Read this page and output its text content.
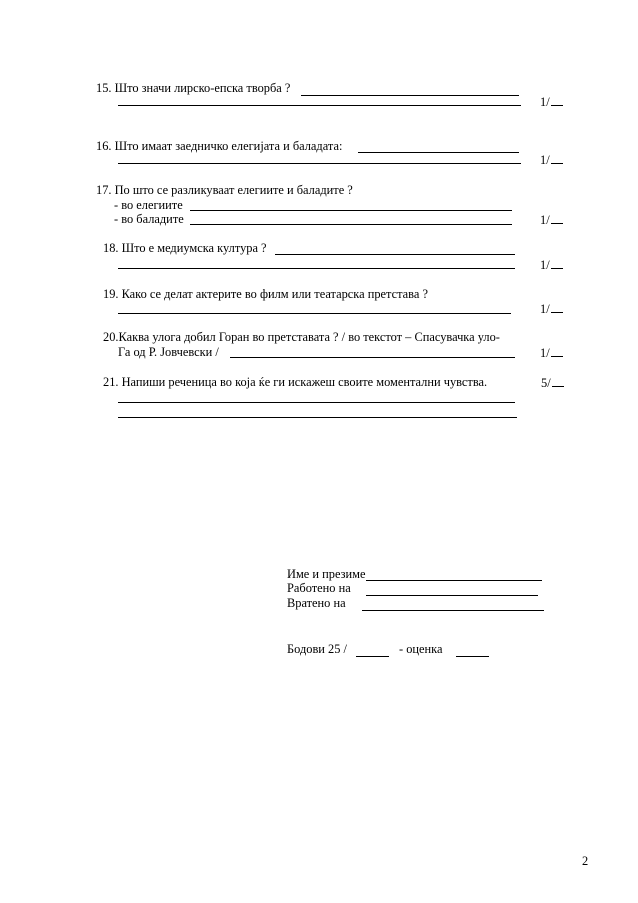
15. Што значи лирско-епска творба ?
1/
16. Што имаат заедничко елегијата и баладата:
1/
17. По што се разликуваат елегиите и баладите ?
- во елегиите
- во баладите	1/
18. Што е медиумска култура ?
1/
19. Како се делат актерите во филм или театарска претстава ?
1/
20.Каква улога добил Горан во претставата ? / во текстот – Спасувачка уло-
Га од Р. Јовчевски /	1/
21. Напиши реченица во која ќе ги искажеш своите моментални чувства.	5/
Име и презиме
Работено на
Вратено на
Бодови 25 /	- оценка
2
